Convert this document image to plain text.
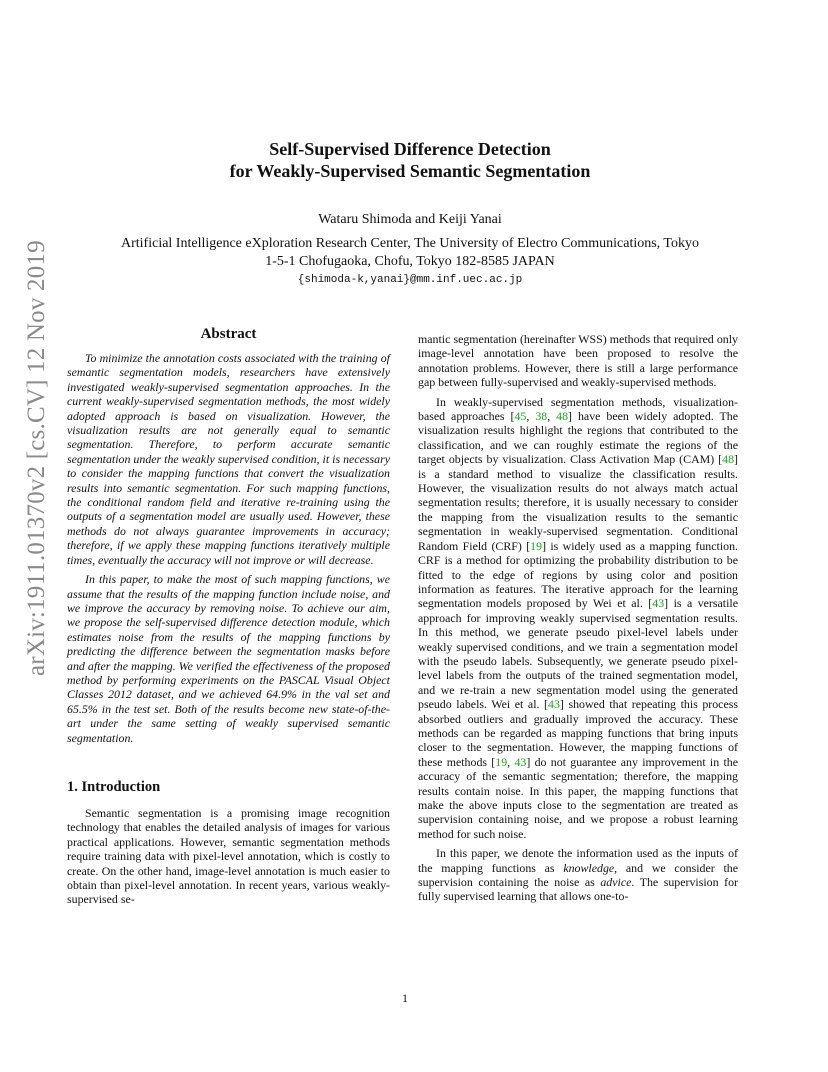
arXiv:1911.01370v2 [cs.CV] 12 Nov 2019
Self-Supervised Difference Detection
for Weakly-Supervised Semantic Segmentation
Wataru Shimoda and Keiji Yanai
Artificial Intelligence eXploration Research Center, The University of Electro Communications, Tokyo
1-5-1 Chofugaoka, Chofu, Tokyo 182-8585 JAPAN
{shimoda-k,yanai}@mm.inf.uec.ac.jp
Abstract

To minimize the annotation costs associated with the training of semantic segmentation models, researchers have extensively investigated weakly-supervised segmentation approaches. In the current weakly-supervised segmentation methods, the most widely adopted approach is based on visualization. However, the visualization results are not generally equal to semantic segmentation. Therefore, to perform accurate semantic segmentation under the weakly supervised condition, it is necessary to consider the mapping functions that convert the visualization results into semantic segmentation. For such mapping functions, the conditional random field and iterative re-training using the outputs of a segmentation model are usually used. However, these methods do not always guarantee improvements in accuracy; therefore, if we apply these mapping functions iteratively multiple times, eventually the accuracy will not improve or will decrease.

In this paper, to make the most of such mapping functions, we assume that the results of the mapping function include noise, and we improve the accuracy by removing noise. To achieve our aim, we propose the self-supervised difference detection module, which estimates noise from the results of the mapping functions by predicting the difference between the segmentation masks before and after the mapping. We verified the effectiveness of the proposed method by performing experiments on the PASCAL Visual Object Classes 2012 dataset, and we achieved 64.9% in the val set and 65.5% in the test set. Both of the results become new state-of-the-art under the same setting of weakly supervised semantic segmentation.

1. Introduction

Semantic segmentation is a promising image recognition technology that enables the detailed analysis of images for various practical applications. However, semantic segmentation methods require training data with pixel-level annotation, which is costly to create. On the other hand, image-level annotation is much easier to obtain than pixel-level annotation. In recent years, various weakly-supervised se-

mantic segmentation (hereinafter WSS) methods that required only image-level annotation have been proposed to resolve the annotation problems. However, there is still a large performance gap between fully-supervised and weakly-supervised methods.

In weakly-supervised segmentation methods, visualization-based approaches [45, 38, 48] have been widely adopted. The visualization results highlight the regions that contributed to the classification, and we can roughly estimate the regions of the target objects by visualization. Class Activation Map (CAM) [48] is a standard method to visualize the classification results. However, the visualization results do not always match actual segmentation results; therefore, it is usually necessary to consider the mapping from the visualization results to the semantic segmentation in weakly-supervised segmentation. Conditional Random Field (CRF) [19] is widely used as a mapping function. CRF is a method for optimizing the probability distribution to be fitted to the edge of regions by using color and position information as features. The iterative approach for the learning segmentation models proposed by Wei et al. [43] is a versatile approach for improving weakly supervised segmentation results. In this method, we generate pseudo pixel-level labels under weakly supervised conditions, and we train a segmentation model with the pseudo labels. Subsequently, we generate pseudo pixel-level labels from the outputs of the trained segmentation model, and we re-train a new segmentation model using the generated pseudo labels. Wei et al. [43] showed that repeating this process absorbed outliers and gradually improved the accuracy. These methods can be regarded as mapping functions that bring inputs closer to the segmentation. However, the mapping functions of these methods [19, 43] do not guarantee any improvement in the accuracy of the semantic segmentation; therefore, the mapping results contain noise. In this paper, the mapping functions that make the above inputs close to the segmentation are treated as supervision containing noise, and we propose a robust learning method for such noise.

In this paper, we denote the information used as the inputs of the mapping functions as knowledge, and we consider the supervision containing the noise as advice. The supervision for fully supervised learning that allows one-to-

1
